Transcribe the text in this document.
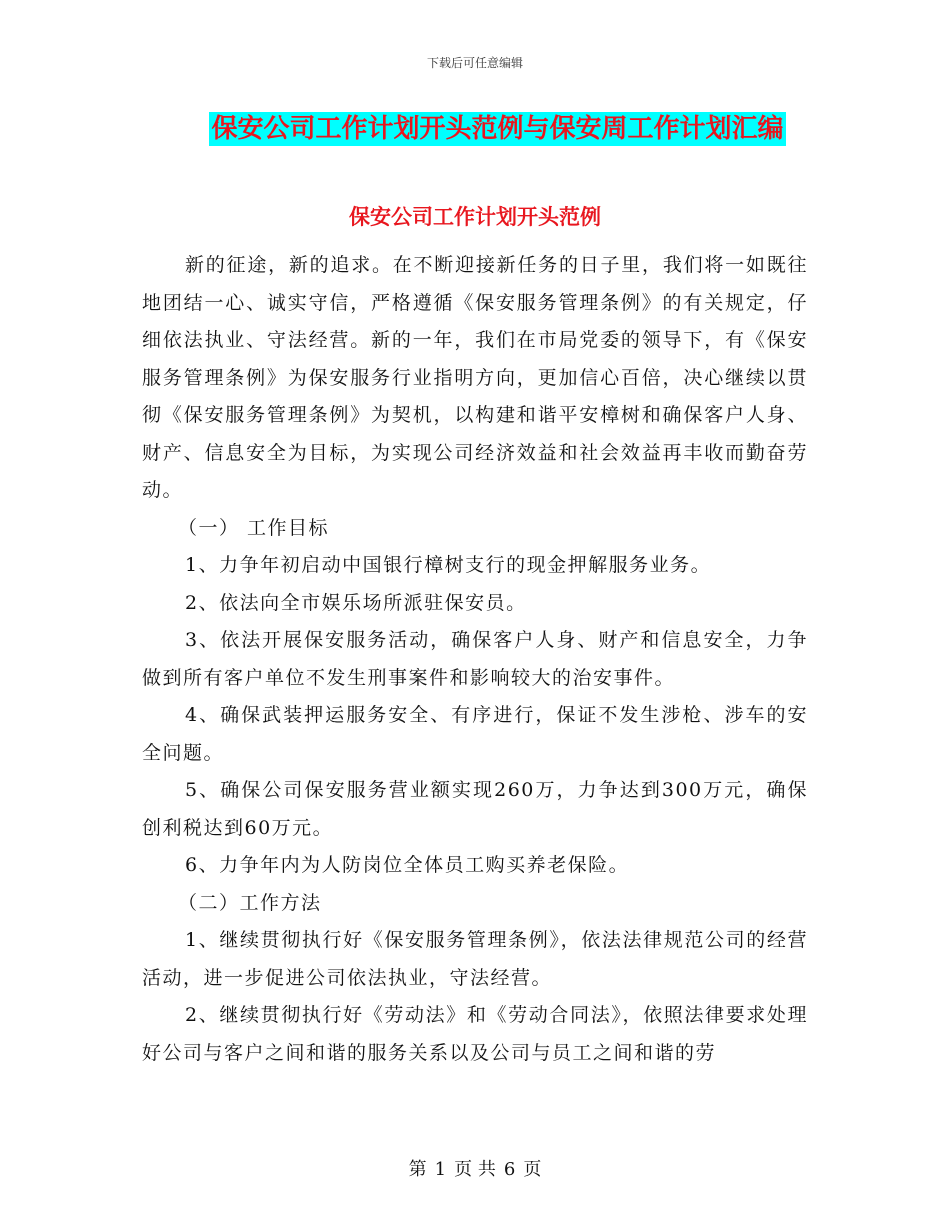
下载后可任意编辑
保安公司工作计划开头范例与保安周工作计划汇编
保安公司工作计划开头范例

新的征途，新的追求。在不断迎接新任务的日子里，我们将一如既往地团结一心、诚实守信，严格遵循《保安服务管理条例》的有关规定，仔细依法执业、守法经营。新的一年，我们在市局党委的领导下，有《保安服务管理条例》为保安服务行业指明方向，更加信心百倍，决心继续以贯彻《保安服务管理条例》为契机，以构建和谐平安樟树和确保客户人身、财产、信息安全为目标，为实现公司经济效益和社会效益再丰收而勤奋劳动。

（一） 工作目标

1、力争年初启动中国银行樟树支行的现金押解服务业务。

2、依法向全市娱乐场所派驻保安员。

3、依法开展保安服务活动，确保客户人身、财产和信息安全，力争做到所有客户单位不发生刑事案件和影响较大的治安事件。

4、确保武装押运服务安全、有序进行，保证不发生涉枪、涉车的安全问题。

5、确保公司保安服务营业额实现260万，力争达到300万元，确保创利税达到60万元。

6、力争年内为人防岗位全体员工购买养老保险。

（二）工作方法

1、继续贯彻执行好《保安服务管理条例》，依法法律规范公司的经营活动，进一步促进公司依法执业，守法经营。

2、继续贯彻执行好《劳动法》和《劳动合同法》，依照法律要求处理好公司与客户之间和谐的服务关系以及公司与员工之间和谐的劳

第 1 页 共 6 页
